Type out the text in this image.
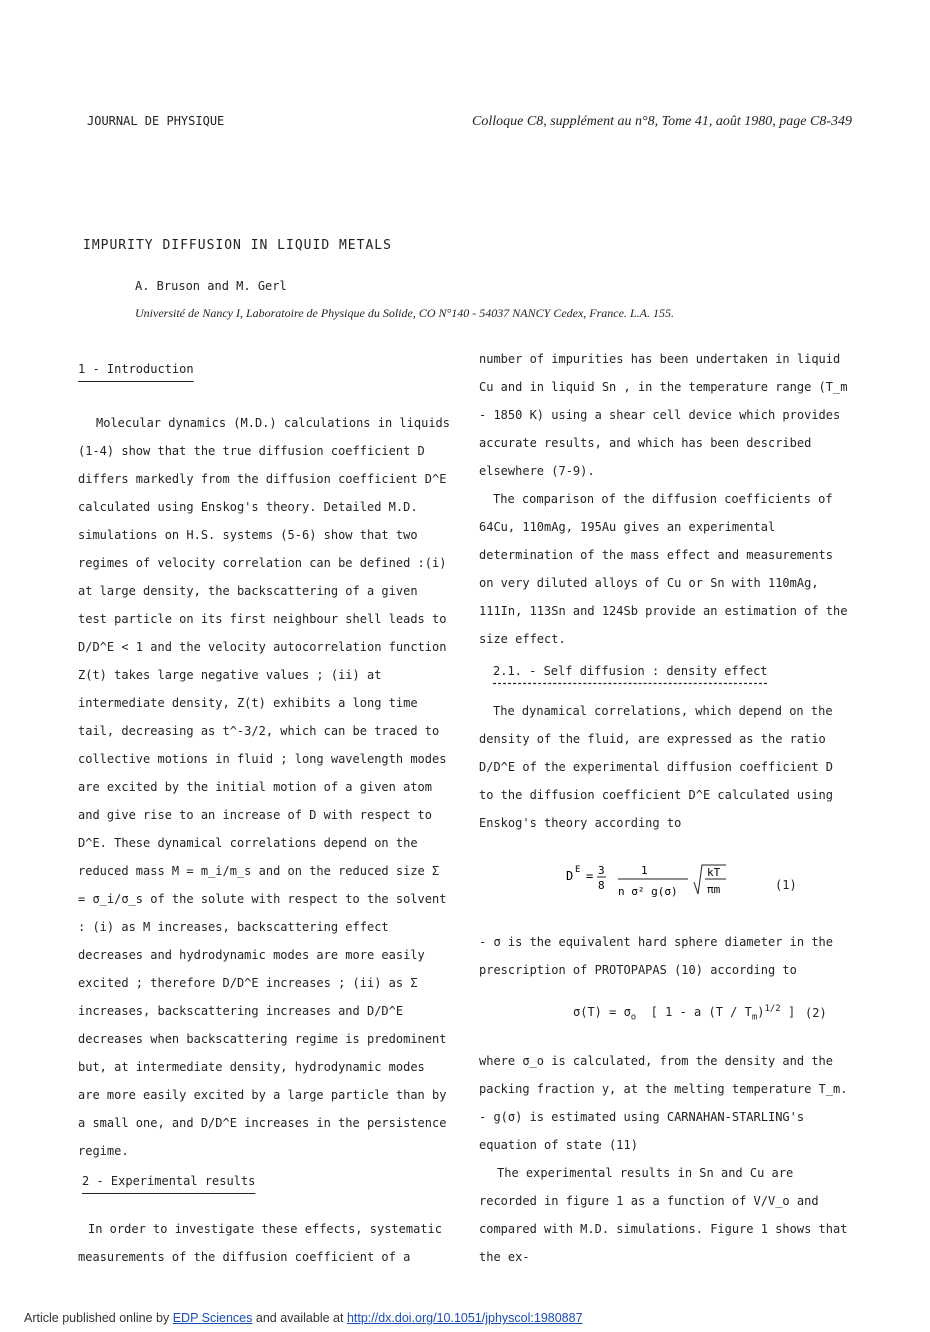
JOURNAL DE PHYSIQUE	Colloque C8, supplément au n°8, Tome 41, août 1980, page C8-349
IMPURITY DIFFUSION IN LIQUID METALS
A. Bruson and M. Gerl
Université de Nancy I, Laboratoire de Physique du Solide, CO N°140 - 54037 NANCY Cedex, France. L.A. 155.

1 - Introduction

Molecular dynamics (M.D.) calculations in liquids (1-4) show that the true diffusion coefficient D differs markedly from the diffusion coefficient D^E calculated using Enskog's theory. Detailed M.D. simulations on H.S. systems (5-6) show that two regimes of velocity correlation can be defined :(i) at large density, the backscattering of a given test particle on its first neighbour shell leads to D/D^E < 1 and the velocity autocorrelation function Z(t) takes large negative values ; (ii) at intermediate density, Z(t) exhibits a long time tail, decreasing as t^-3/2, which can be traced to collective motions in fluid ; long wavelength modes are excited by the initial motion of a given atom and give rise to an increase of D with respect to D^E. These dynamical correlations depend on the reduced mass M = m_i/m_s and on the reduced size Σ = σ_i/σ_s of the solute with respect to the solvent : (i) as M increases, backscattering effect decreases and hydrodynamic modes are more easily excited ; therefore D/D^E increases ; (ii) as Σ increases, backscattering increases and D/D^E decreases when backscattering regime is predominent but, at intermediate density, hydrodynamic modes are more easily excited by a large particle than by a small one, and D/D^E increases in the persistence regime.

2 - Experimental results

In order to investigate these effects, systematic measurements of the diffusion coefficient of a

number of impurities has been undertaken in liquid Cu and in liquid Sn , in the temperature range (T_m - 1850 K) using a shear cell device which provides accurate results, and which has been described elsewhere (7-9).

The comparison of the diffusion coefficients of 64Cu, 110mAg, 195Au gives an experimental determination of the mass effect and measurements on very diluted alloys of Cu or Sn with 110mAg, 111In, 113Sn and 124Sb provide an estimation of the size effect.

2.1. - Self diffusion : density effect

The dynamical correlations, which depend on the density of the fluid, are expressed as the ratio D/D^E of the experimental diffusion coefficient D to the diffusion coefficient D^E calculated using Enskog's theory according to

D E = 3
8
1
n σ² g(σ)
kT
πm	(1)

- σ is the equivalent hard sphere diameter in the prescription of PROTOPAPAS (10) according to

$\sigma(T) = \sigma_o$  [ 1 - a $(T / T_m)^{1/2}$ ] (2)

where σ_o is calculated, from the density and the packing fraction y, at the melting temperature T_m. - g(σ) is estimated using CARNAHAN-STARLING's equation of state (11)

The experimental results in Sn and Cu are recorded in figure 1 as a function of V/V_o and compared with M.D. simulations. Figure 1 shows that the ex-

Article published online by EDP Sciences and available at http://dx.doi.org/10.1051/jphyscol:1980887
